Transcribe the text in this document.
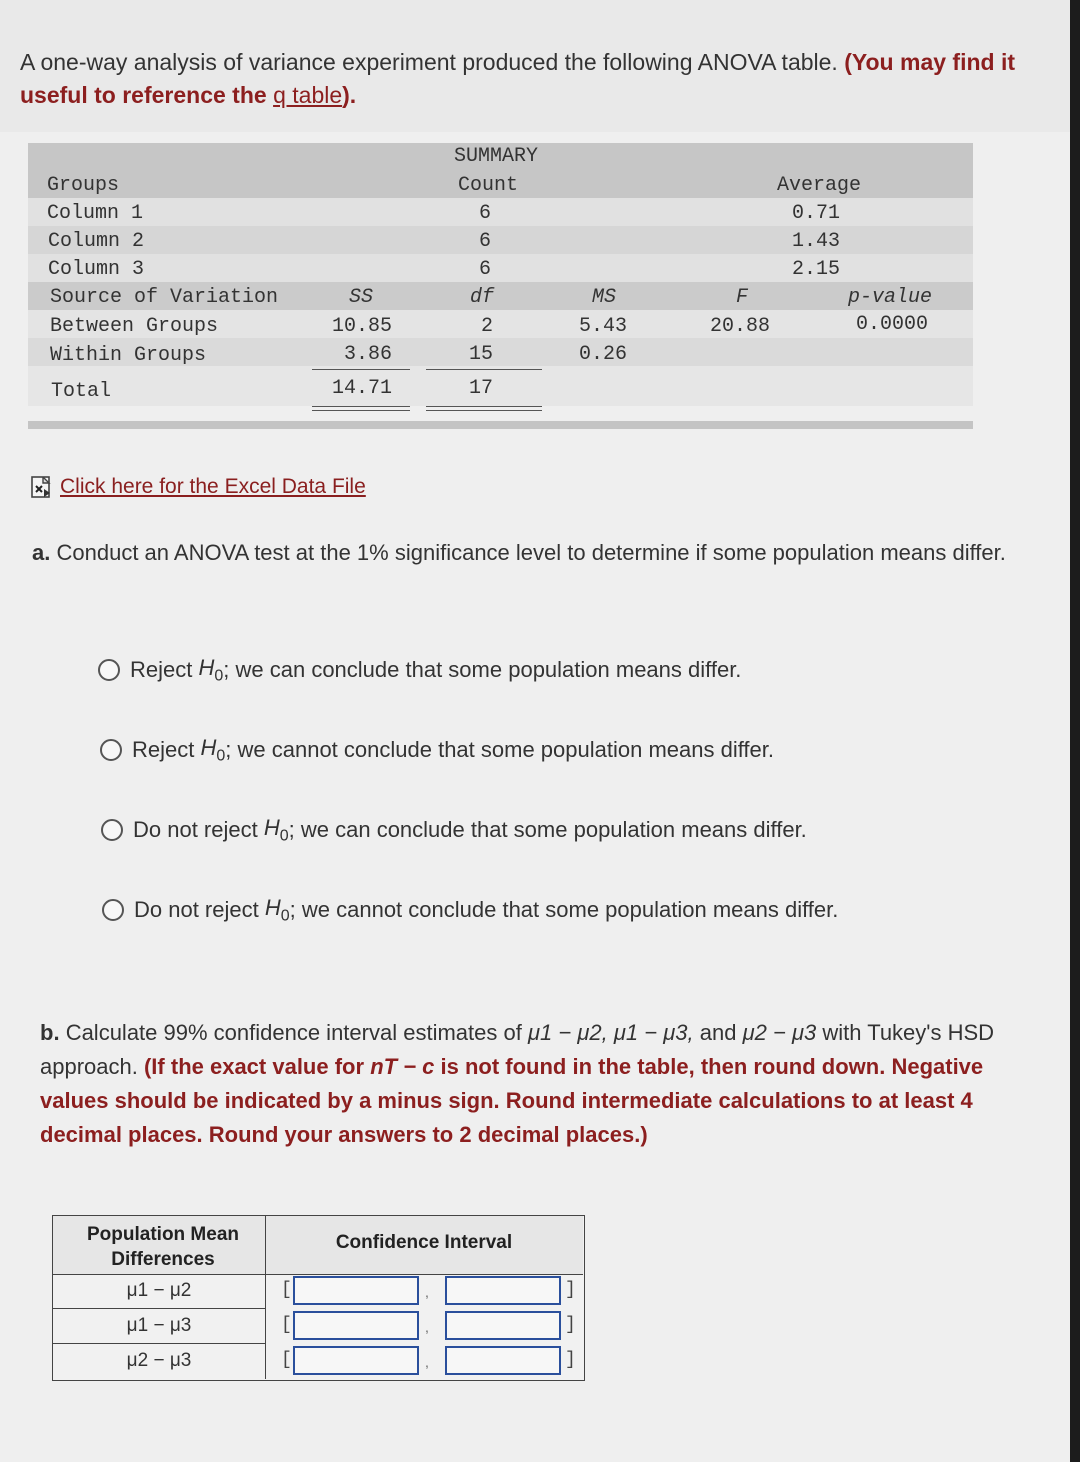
A one-way analysis of variance experiment produced the following ANOVA table. (You may find it useful to reference the q table).
SUMMARY
Groups	Count	Average
Column 1	6	0.71
Column 2	6	1.43
Column 3	6	2.15
Source of Variation	SS	df	MS	F	p-value
Between Groups	10.85	2	5.43	20.88	0.0000
Within Groups	3.86	15	0.26
Total	14.71	17
Click here for the Excel Data File
a. Conduct an ANOVA test at the 1% significance level to determine if some population means differ.
Reject
$H_0$ ; we can conclude that some population means differ.
Reject
$H_0$ ; we cannot conclude that some population means differ.
Do not reject
$H_0$ ; we can conclude that some population means differ.
Do not reject
$H_0$ ; we cannot conclude that some population means differ.
b. Calculate 99% confidence interval estimates of μ1 − μ2, μ1 − μ3, and μ2 − μ3 with Tukey's HSD approach. (If the exact value for nT − c is not found in the table, then round down. Negative values should be indicated by a minus sign. Round intermediate calculations to at least 4 decimal places. Round your answers to 2 decimal places.)
Population Mean Differences
Confidence Interval
μ1 − μ2	[	,	]
μ1 − μ3	[	,	]
μ2 − μ3	[	,	]
